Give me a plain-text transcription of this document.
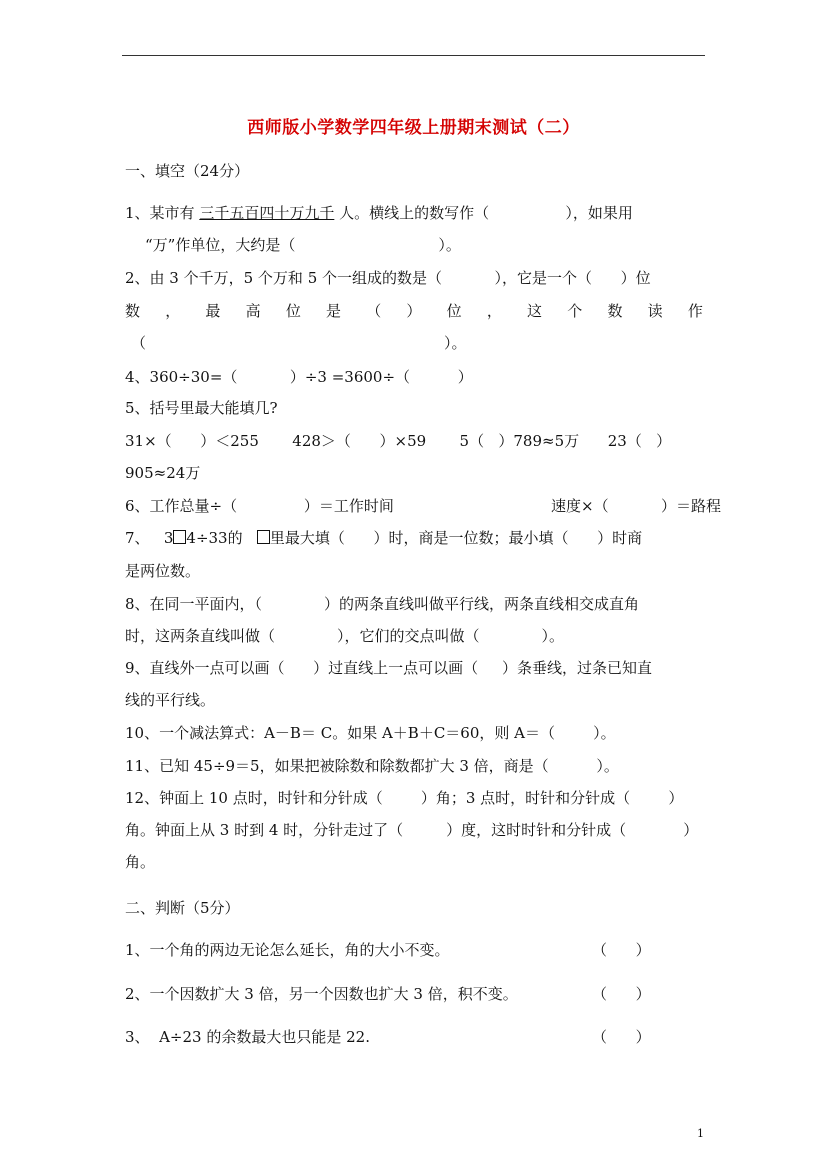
西师版小学数学四年级上册期末测试（二）
一、填空（24分）
1、某市有 三千五百四十万九千 人。横线上的数写作（                ），如果用
“万”作单位，大约是（                              ）。
2、由 3 个千万，5 个万和 5 个一组成的数是（           ），它是一个（      ）位
数 ， 最 高 位 是 （ ） 位 ， 这 个 数 读 作
（	）。
4、360÷30=（           ）÷3 =3600÷（          ）
5、括号里最大能填几?
31×（      ）＜255       428＞（      ）×59       5（   ）789≈5万      23（   ）
905≈24万
6、工作总量÷（              ）＝工作时间	速度×（           ）＝路程
7、   3 4÷33的   里最大填（      ）时，商是一位数；最小填（      ）时商
是两位数。
8、在同一平面内，（             ）的两条直线叫做平行线，两条直线相交成直角
时，这两条直线叫做（             ），它们的交点叫做（             ）。
9、直线外一点可以画（      ）过直线上一点可以画（     ）条垂线，过条已知直
线的平行线。
10、一个减法算式：A－B＝ C。如果 A＋B＋C＝60，则 A＝（        ）。
11、已知 45÷9＝5，如果把被除数和除数都扩大 3 倍，商是（          ）。
12、钟面上 10 点时，时针和分针成（        ）角；3 点时，时针和分针成（        ）
角。钟面上从 3 时到 4 时，分针走过了（         ）度，这时时针和分针成（            ）
角。
二、判断（5分）
1、一个角的两边无论怎么延长，角的大小不变。	（      ）
2、一个因数扩大 3 倍，另一个因数也扩大 3 倍，积不变。	（      ）
3、  A÷23 的余数最大也只能是 22.	（      ）
1
